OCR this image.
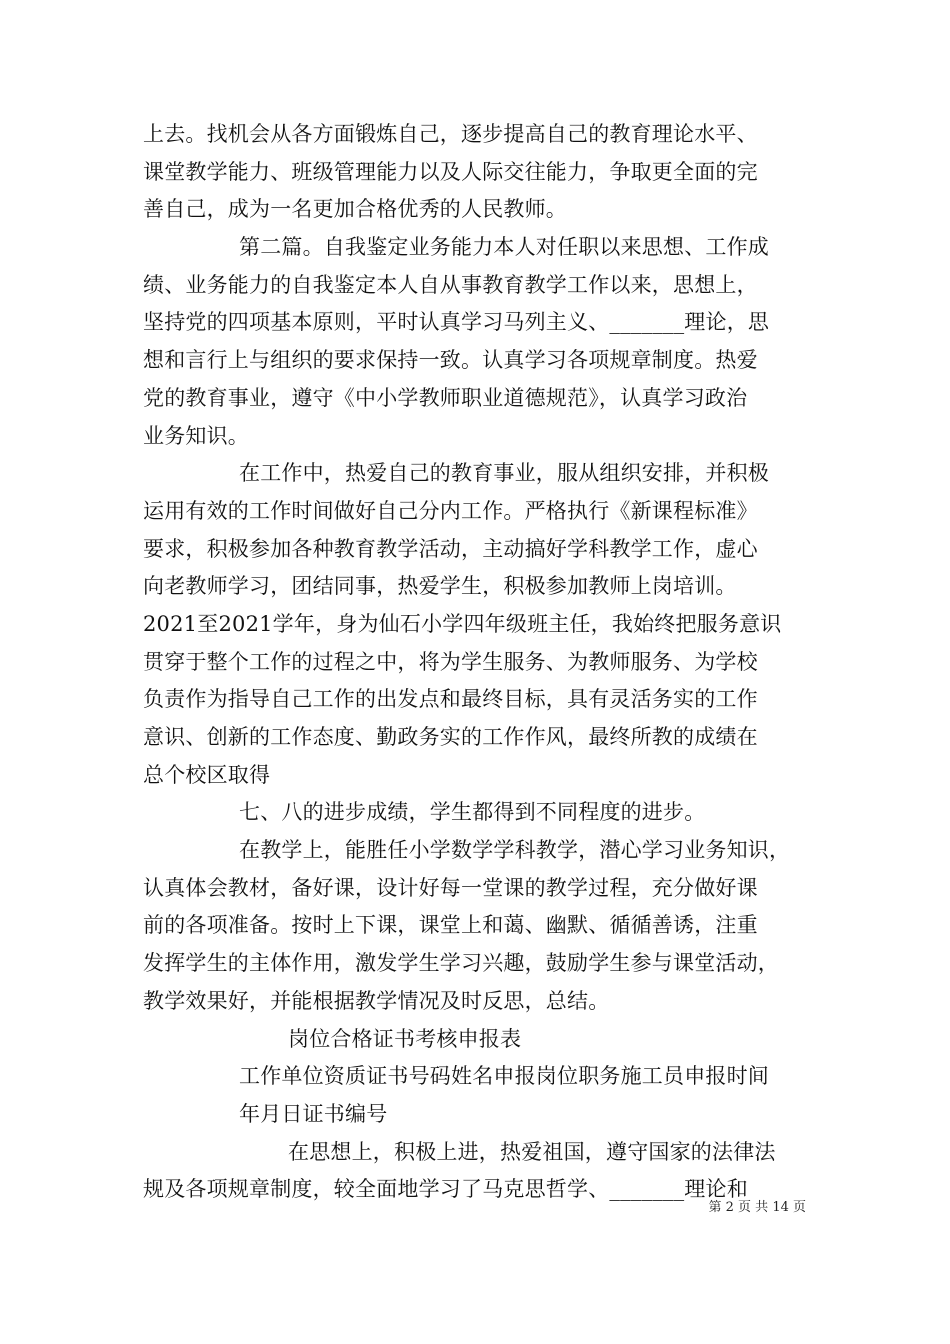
上去。找机会从各方面锻炼自己，逐步提高自己的教育理论水平、
课堂教学能力、班级管理能力以及人际交往能力，争取更全面的完
善自己，成为一名更加合格优秀的人民教师。
第二篇。自我鉴定业务能力本人对任职以来思想、工作成
绩、业务能力的自我鉴定本人自从事教育教学工作以来，思想上，
坚持党的四项基本原则，平时认真学习马列主义、_______理论，思
想和言行上与组织的要求保持一致。认真学习各项规章制度。热爱
党的教育事业，遵守《中小学教师职业道德规范》，认真学习政治
业务知识。
在工作中，热爱自己的教育事业，服从组织安排，并积极
运用有效的工作时间做好自己分内工作。严格执行《新课程标准》
要求，积极参加各种教育教学活动，主动搞好学科教学工作，虚心
向老教师学习，团结同事，热爱学生，积极参加教师上岗培训。
2021至2021学年，身为仙石小学四年级班主任，我始终把服务意识
贯穿于整个工作的过程之中，将为学生服务、为教师服务、为学校
负责作为指导自己工作的出发点和最终目标，具有灵活务实的工作
意识、创新的工作态度、勤政务实的工作作风，最终所教的成绩在
总个校区取得
七、八的进步成绩，学生都得到不同程度的进步。
在教学上，能胜任小学数学学科教学，潜心学习业务知识，
认真体会教材，备好课，设计好每一堂课的教学过程，充分做好课
前的各项准备。按时上下课，课堂上和蔼、幽默、循循善诱，注重
发挥学生的主体作用，激发学生学习兴趣，鼓励学生参与课堂活动，
教学效果好，并能根据教学情况及时反思，总结。
岗位合格证书考核申报表
工作单位资质证书号码姓名申报岗位职务施工员申报时间
年月日证书编号
在思想上，积极上进，热爱祖国，遵守国家的法律法
规及各项规章制度，较全面地学习了马克思哲学、_______理论和
第 2 页 共 14 页
